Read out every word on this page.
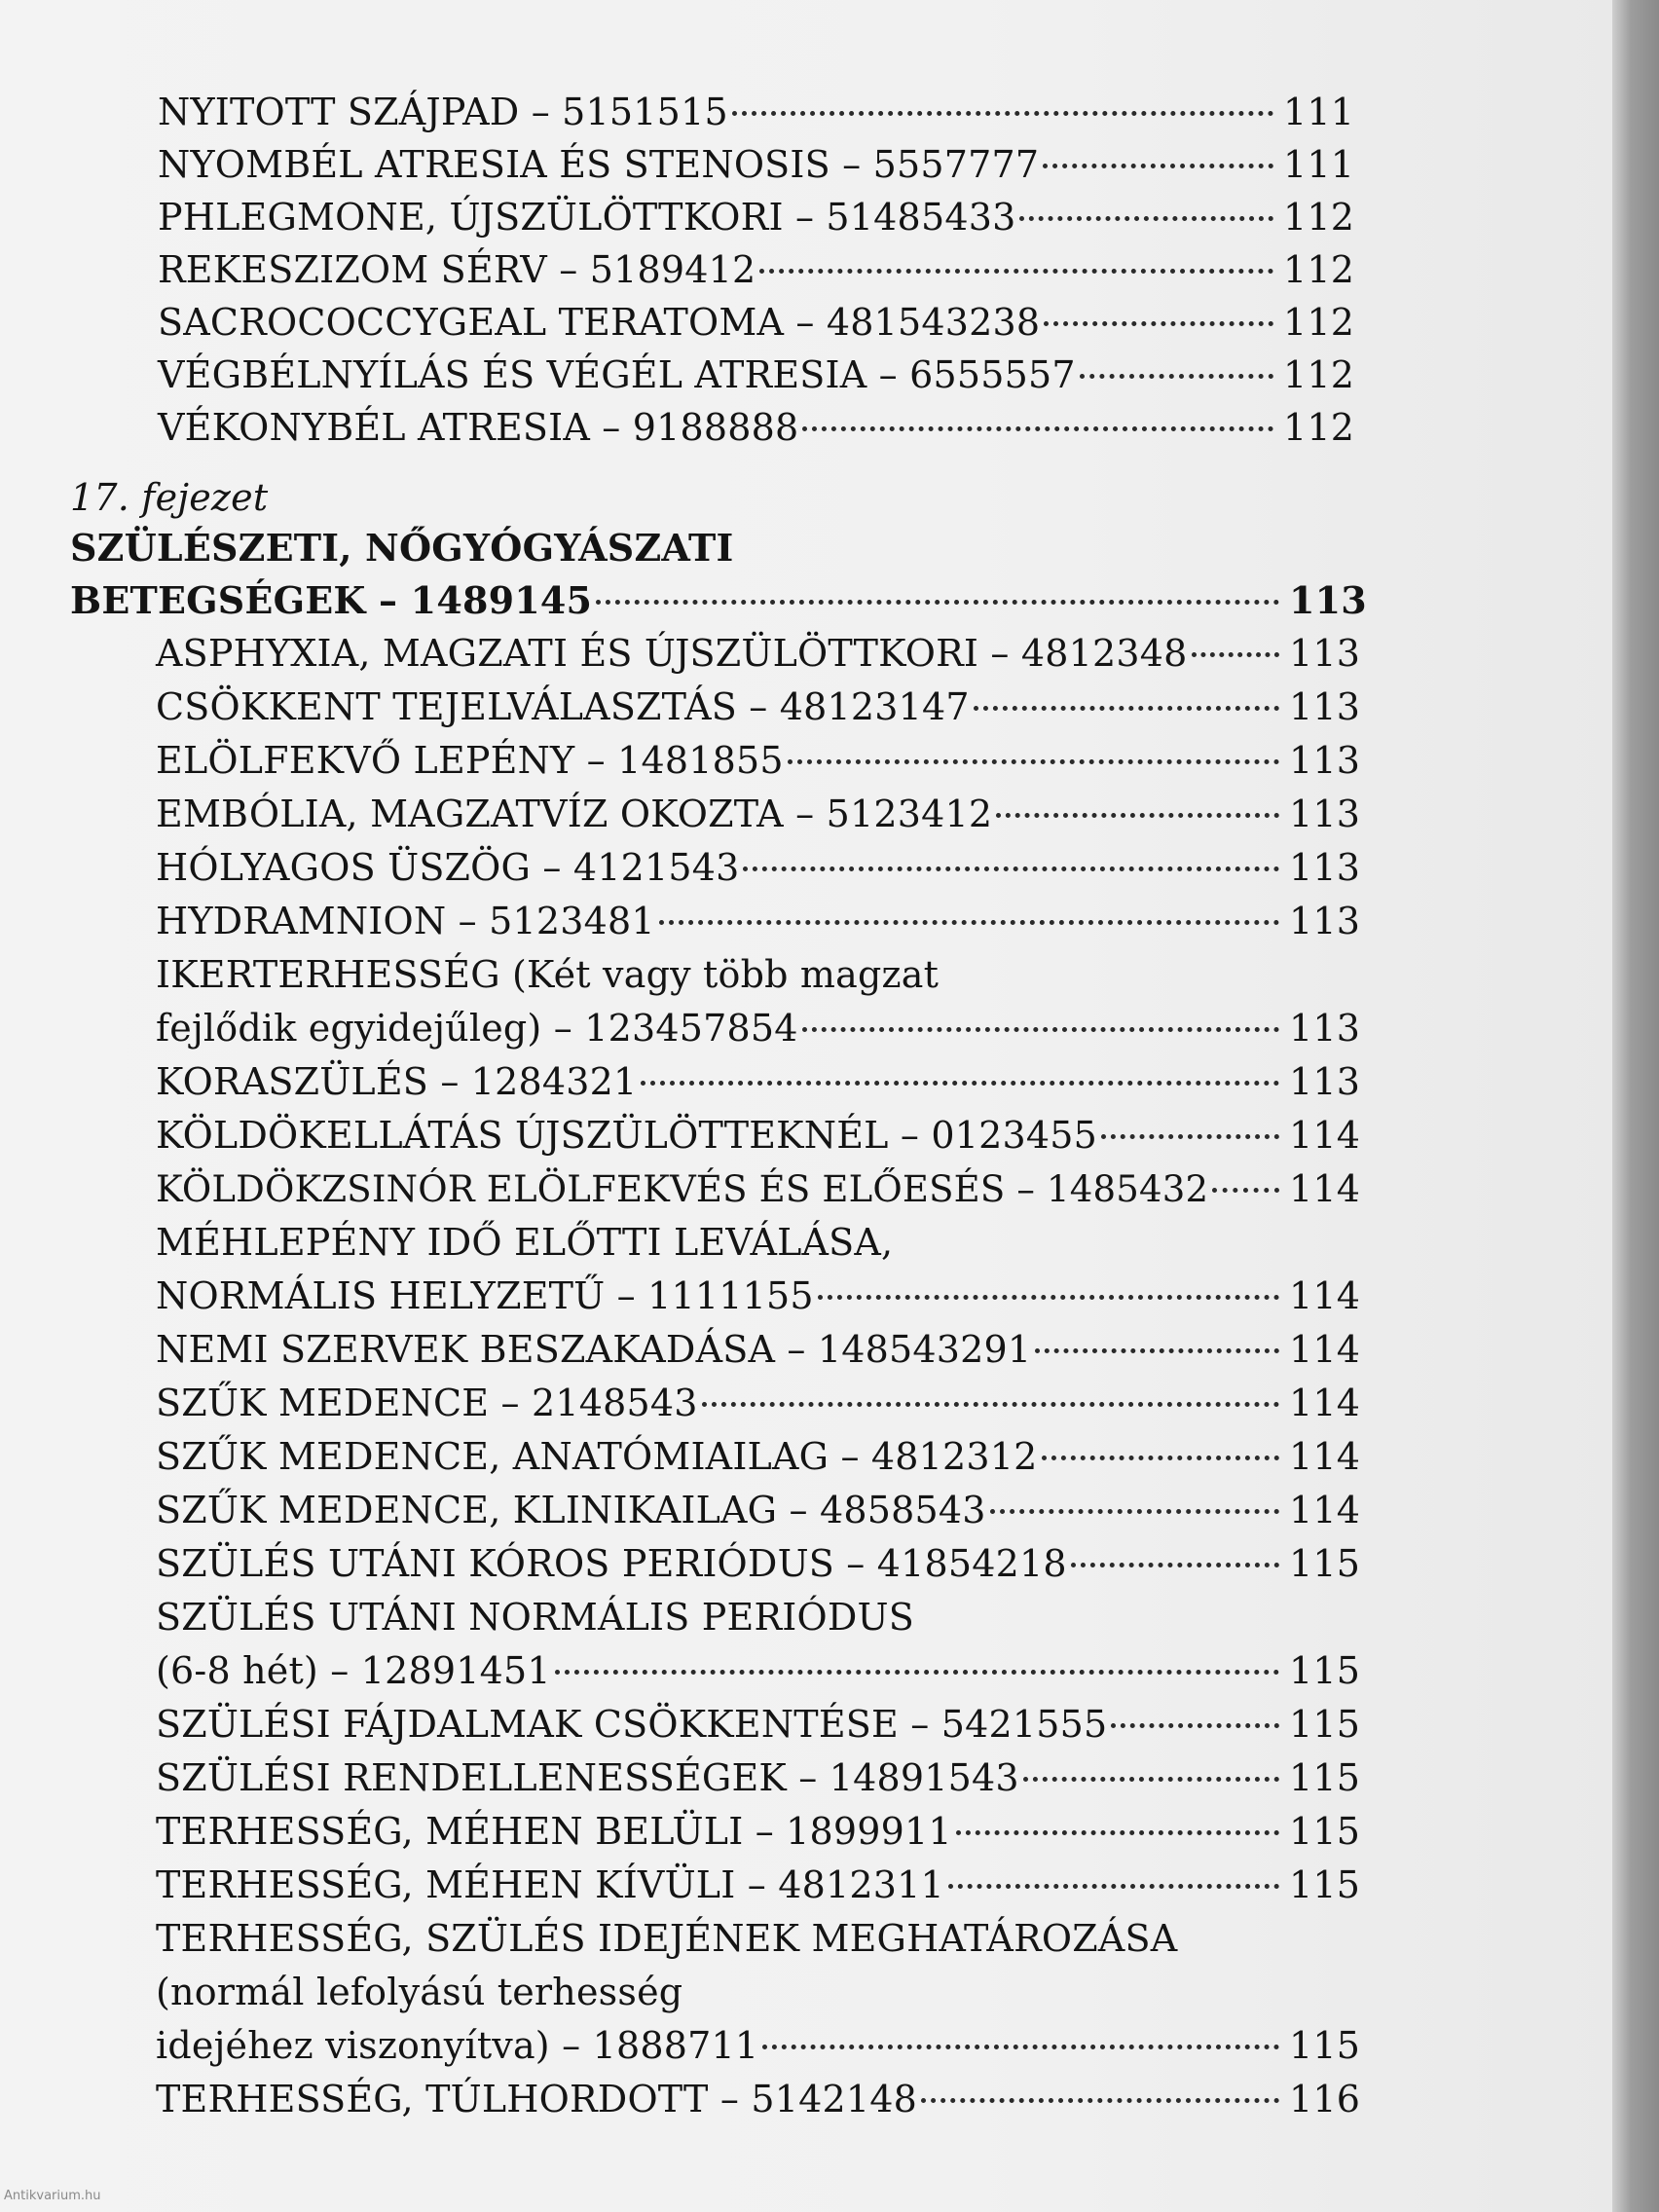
NYITOTT SZÁJPAD – 5151515	111
NYOMBÉL ATRESIA ÉS STENOSIS – 5557777	111
PHLEGMONE, ÚJSZÜLÖTTKORI – 51485433	112
REKESZIZOM SÉRV – 5189412	112
SACROCOCCYGEAL TERATOMA – 481543238	112
VÉGBÉLNYÍLÁS ÉS VÉGÉL ATRESIA – 6555557	112
VÉKONYBÉL ATRESIA – 9188888	112
17. fejezet
SZÜLÉSZETI, NŐGYÓGYÁSZATI
BETEGSÉGEK – 1489145	113
ASPHYXIA, MAGZATI ÉS ÚJSZÜLÖTTKORI – 4812348	113
CSÖKKENT TEJELVÁLASZTÁS – 48123147	113
ELÖLFEKVŐ LEPÉNY – 1481855	113
EMBÓLIA, MAGZATVÍZ OKOZTA – 5123412	113
HÓLYAGOS ÜSZÖG – 4121543	113
HYDRAMNION – 5123481	113
IKERTERHESSÉG (Két vagy több magzat
fejlődik egyidejűleg) – 123457854	113
KORASZÜLÉS – 1284321	113
KÖLDÖKELLÁTÁS ÚJSZÜLÖTTEKNÉL – 0123455	114
KÖLDÖKZSINÓR ELÖLFEKVÉS ÉS ELŐESÉS – 1485432 114
MÉHLEPÉNY IDŐ ELŐTTI LEVÁLÁSA,
NORMÁLIS HELYZETŰ – 1111155	114
NEMI SZERVEK BESZAKADÁSA – 148543291	114
SZŰK MEDENCE – 2148543	114
SZŰK MEDENCE, ANATÓMIAILAG – 4812312	114
SZŰK MEDENCE, KLINIKAILAG – 4858543	114
SZÜLÉS UTÁNI KÓROS PERIÓDUS – 41854218	115
SZÜLÉS UTÁNI NORMÁLIS PERIÓDUS
(6-8 hét) – 12891451	115
SZÜLÉSI FÁJDALMAK CSÖKKENTÉSE – 5421555	115
SZÜLÉSI RENDELLENESSÉGEK – 14891543	115
TERHESSÉG, MÉHEN BELÜLI – 1899911	115
TERHESSÉG, MÉHEN KÍVÜLI – 4812311	115
TERHESSÉG, SZÜLÉS IDEJÉNEK MEGHATÁROZÁSA
(normál lefolyású terhesség
idejéhez viszonyítva) – 1888711	115
TERHESSÉG, TÚLHORDOTT – 5142148	116
Antikvarium.hu
